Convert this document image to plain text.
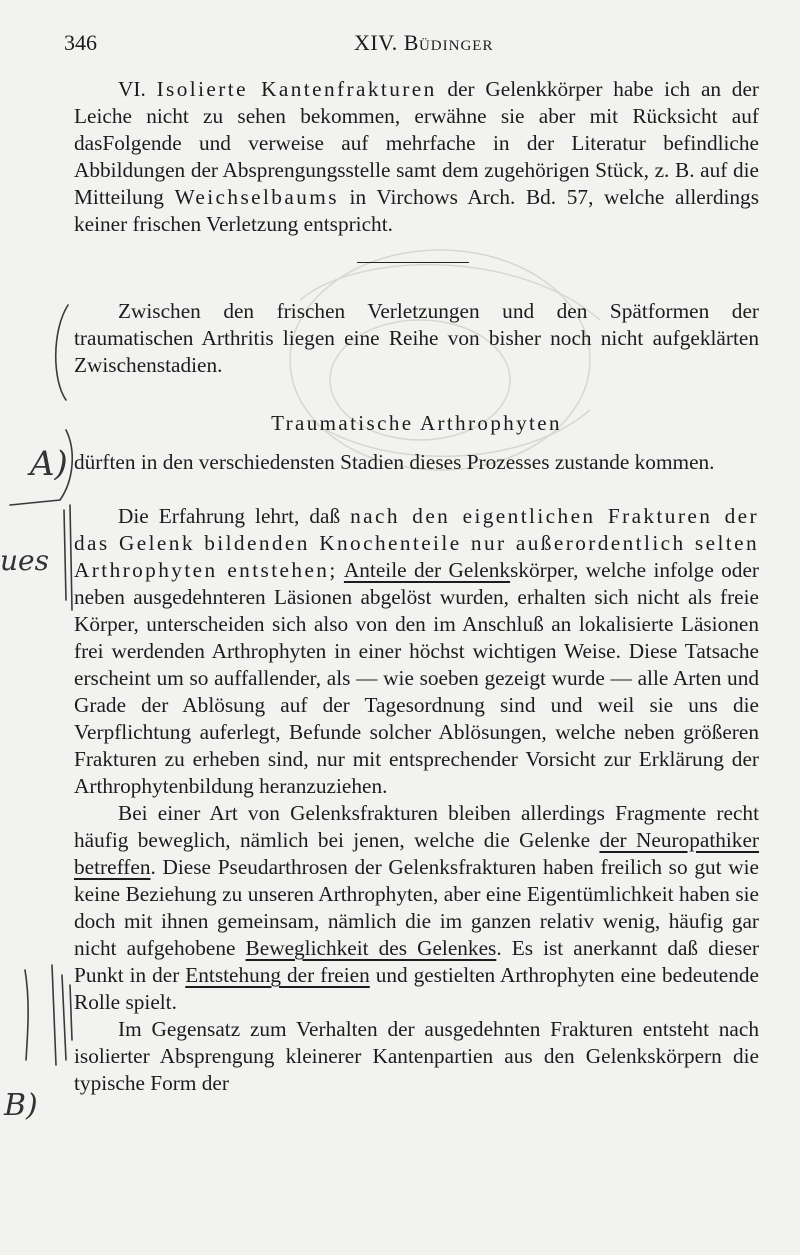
346	XIV. BÜDINGER

VI. Isolierte Kantenfrakturen der Gelenkkörper habe ich an der Leiche nicht zu sehen bekommen, erwähne sie aber mit Rücksicht auf dasFolgende und verweise auf mehrfache in der Literatur befindliche Abbildungen der Absprengungsstelle samt dem zugehörigen Stück, z. B. auf die Mitteilung Weichselbaums in Virchows Arch. Bd. 57, welche allerdings keiner frischen Verletzung entspricht.

Zwischen den frischen Verletzungen und den Spätformen der traumatischen Arthritis liegen eine Reihe von bisher noch nicht aufgeklärten Zwischenstadien.

Traumatische Arthrophyten

dürften in den verschiedensten Stadien dieses Prozesses zustande kommen.

Die Erfahrung lehrt, daß nach den eigentlichen Frakturen der das Gelenk bildenden Knochenteile nur außerordentlich selten Arthrophyten entstehen; Anteile der Gelenkskörper, welche infolge oder neben ausgedehnteren Läsionen abgelöst wurden, erhalten sich nicht als freie Körper, unterscheiden sich also von den im Anschluß an lokalisierte Läsionen frei werdenden Arthrophyten in einer höchst wichtigen Weise. Diese Tatsache erscheint um so auffallender, als — wie soeben gezeigt wurde — alle Arten und Grade der Ablösung auf der Tagesordnung sind und weil sie uns die Verpflichtung auferlegt, Befunde solcher Ablösungen, welche neben größeren Frakturen zu erheben sind, nur mit entsprechender Vorsicht zur Erklärung der Arthrophytenbildung heranzuziehen.

Bei einer Art von Gelenksfrakturen bleiben allerdings Fragmente recht häufig beweglich, nämlich bei jenen, welche die Gelenke der Neuropathiker betreffen. Diese Pseudarthrosen der Gelenksfrakturen haben freilich so gut wie keine Beziehung zu unseren Arthrophyten, aber eine Eigentümlichkeit haben sie doch mit ihnen gemeinsam, nämlich die im ganzen relativ wenig, häufig gar nicht aufgehobene Beweglichkeit des Gelenkes. Es ist anerkannt daß dieser Punkt in der Entstehung der freien und gestielten Arthrophyten eine bedeutende Rolle spielt.

Im Gegensatz zum Verhalten der ausgedehnten Frakturen entsteht nach isolierter Absprengung kleinerer Kantenpartien aus den Gelenkskörpern die typische Form der

A)
ues
B)
